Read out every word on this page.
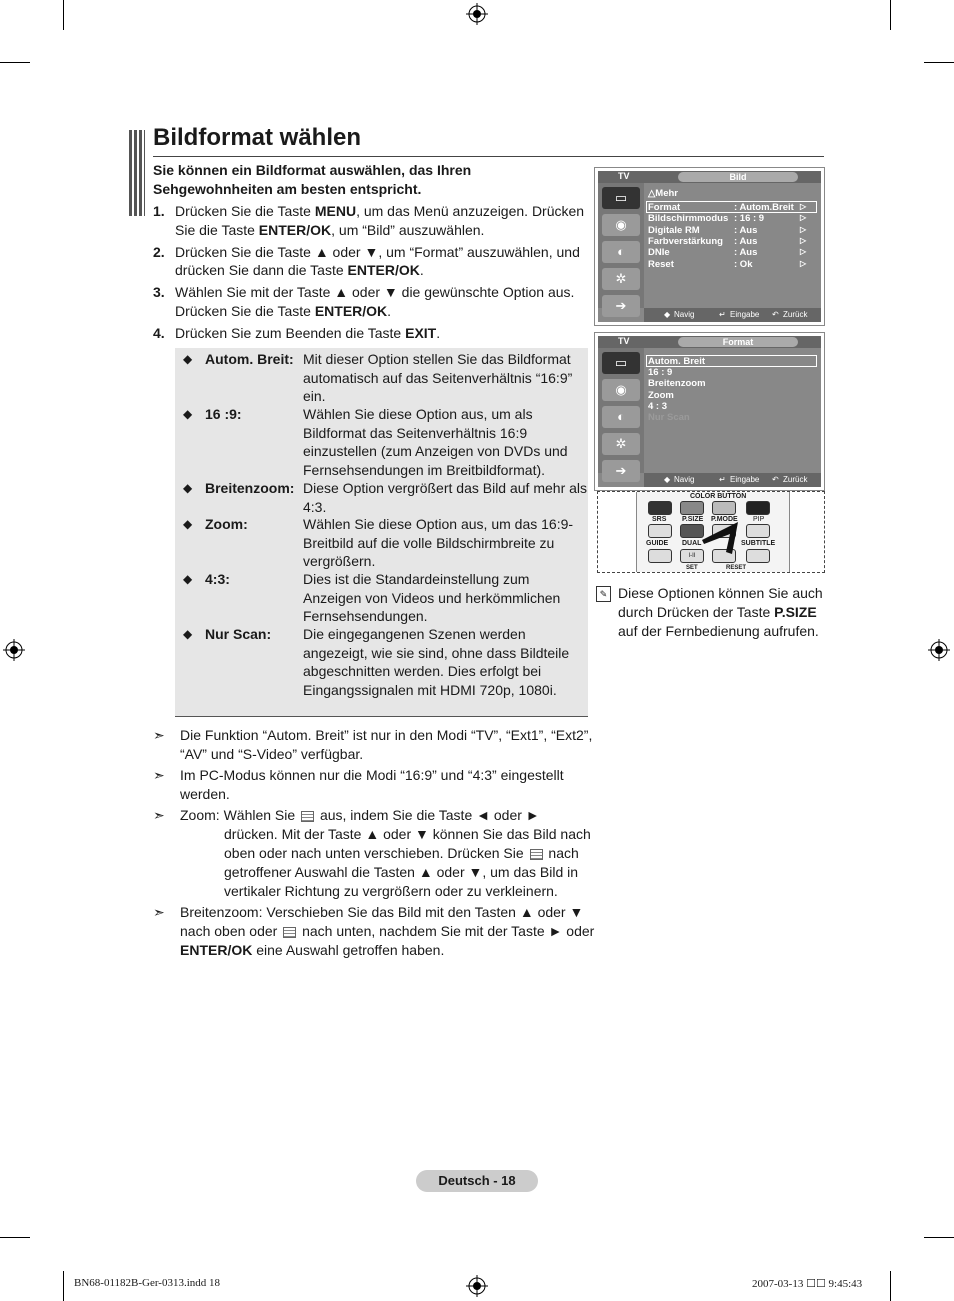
Bildformat wählen
Sie können ein Bildformat auswählen, das Ihren Sehgewohnheiten am besten entspricht.
1. Drücken Sie die Taste MENU, um das Menü anzuzeigen. Drücken Sie die Taste ENTER/OK, um “Bild” auszuwählen.
2. Drücken Sie die Taste ▲ oder ▼, um “Format” auszuwählen, und drücken Sie dann die Taste ENTER/OK.
3. Wählen Sie mit der Taste ▲ oder ▼ die gewünschte Option aus. Drücken Sie die Taste ENTER/OK.
4. Drücken Sie zum Beenden die Taste EXIT.
◆ Autom. Breit: Mit dieser Option stellen Sie das Bildformat automatisch auf das Seitenverhältnis “16:9” ein.
◆ 16 :9:	Wählen Sie diese Option aus, um als Bildformat das Seitenverhältnis 16:9 einzustellen (zum Anzeigen von DVDs und Fernsehsendungen im Breitbildformat).
◆ Breitenzoom: Diese Option vergrößert das Bild auf mehr als 4:3.
◆ Zoom:	Wählen Sie diese Option aus, um das 16:9-Breitbild auf die volle Bildschirmbreite zu vergrößern.
◆ 4:3:	Dies ist die Standardeinstellung zum Anzeigen von Videos und herkömmlichen Fernsehsendungen.
◆ Nur Scan: Die eingegangenen Szenen werden angezeigt, wie sie sind, ohne dass Bildteile abgeschnitten werden. Dies erfolgt bei Eingangssignalen mit HDMI 720p, 1080i.
➣ Die Funktion “Autom. Breit” ist nur in den Modi “TV”, “Ext1”, “Ext2”, “AV” und “S-Video” verfügbar.
➣ Im PC-Modus können nur die Modi “16:9” und “4:3” eingestellt werden.
➣ Zoom: Wählen Sie aus, indem Sie die Taste ◄ oder ►
drücken. Mit der Taste ▲ oder ▼ können Sie das Bild nach oben oder nach unten verschieben. Drücken Sie nach getroffener Auswahl die Tasten ▲ oder ▼, um das Bild in vertikaler Richtung zu vergrößern oder zu verkleinern.
➣ Breitenzoom: Verschieben Sie das Bild mit den Tasten ▲ oder ▼ nach oben oder nach unten, nachdem Sie mit der Taste ► oder ENTER/OK eine Auswahl getroffen haben.
TV	Bild
▭
◉
◐
✲
➔
△Mehr
Format	: Autom.Breit ▷
Bildschirmmodus : 16 : 9	▷
Digitale RM	: Aus	▷
Farbverstärkung : Aus	▷
DNIe	: Aus	▷
Reset	: Ok	▷
◆ Navig	↵ Eingabe ↶ Zurück
TV	Format
▭
◉
◐
✲
➔
Autom. Breit
16 : 9
Breitenzoom
Zoom
4 : 3
Nur Scan
◆ Navig	↵ Eingabe ↶ Zurück
COLOR BUTTON
SRS P.SIZE P.MODE PIP
GUIDE DUAL	SUBTITLE
I-II
SET	RESET
✎ Diese Optionen können Sie auch durch Drücken der Taste P.SIZE auf der Fernbedienung aufrufen.
Deutsch - 18
BN68-01182B-Ger-0313.indd 18	2007-03-13 ☐☐ 9:45:43
